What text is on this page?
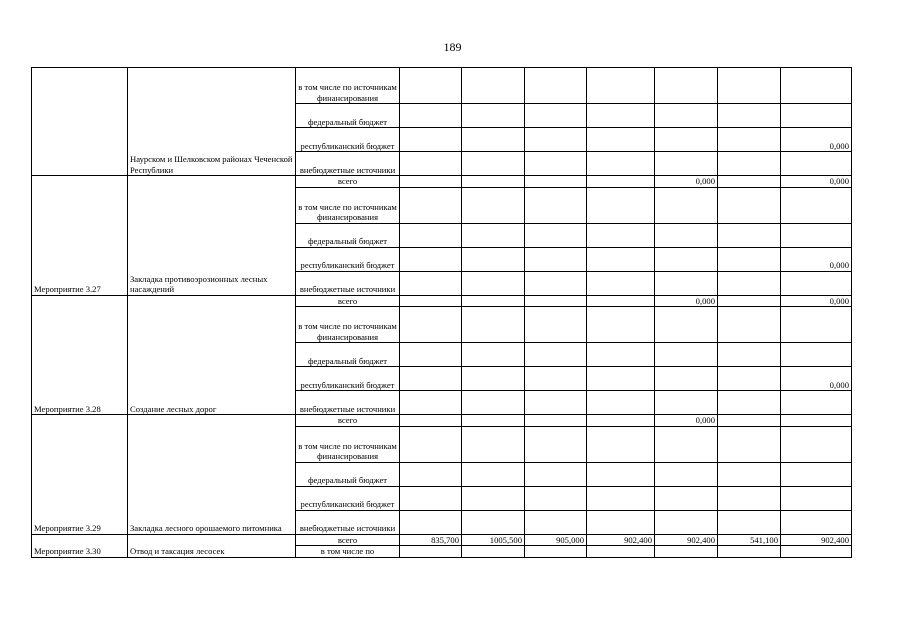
189
	Наурском и Шелковском районах Чеченской Республики	в том числе по источникам финансирования							
		федеральный бюджет							
		республиканский бюджет							0,000
		внебюджетные источники							
Мероприятие 3.27	Закладка противоэрозионных лесных насаждений	всего					0,000		0,000
		в том числе по источникам финансирования							
		федеральный бюджет							
		республиканский бюджет							0,000
		внебюджетные источники							
Мероприятие 3.28	Создание лесных дорог	всего					0,000		0,000
		в том числе по источникам финансирования							
		федеральный бюджет							
		республиканский бюджет							0,000
		внебюджетные источники							
Мероприятие 3.29	Закладка лесного орошаемого питомника	всего					0,000		
		в том числе по источникам финансирования							
		федеральный бюджет							
		республиканский бюджет							
		внебюджетные источники							
Мероприятие 3.30	Отвод и таксация лесосек	всего	835,700	1005,500	905,000	902,400	902,400	541,100	902,400
		в том числе по							
